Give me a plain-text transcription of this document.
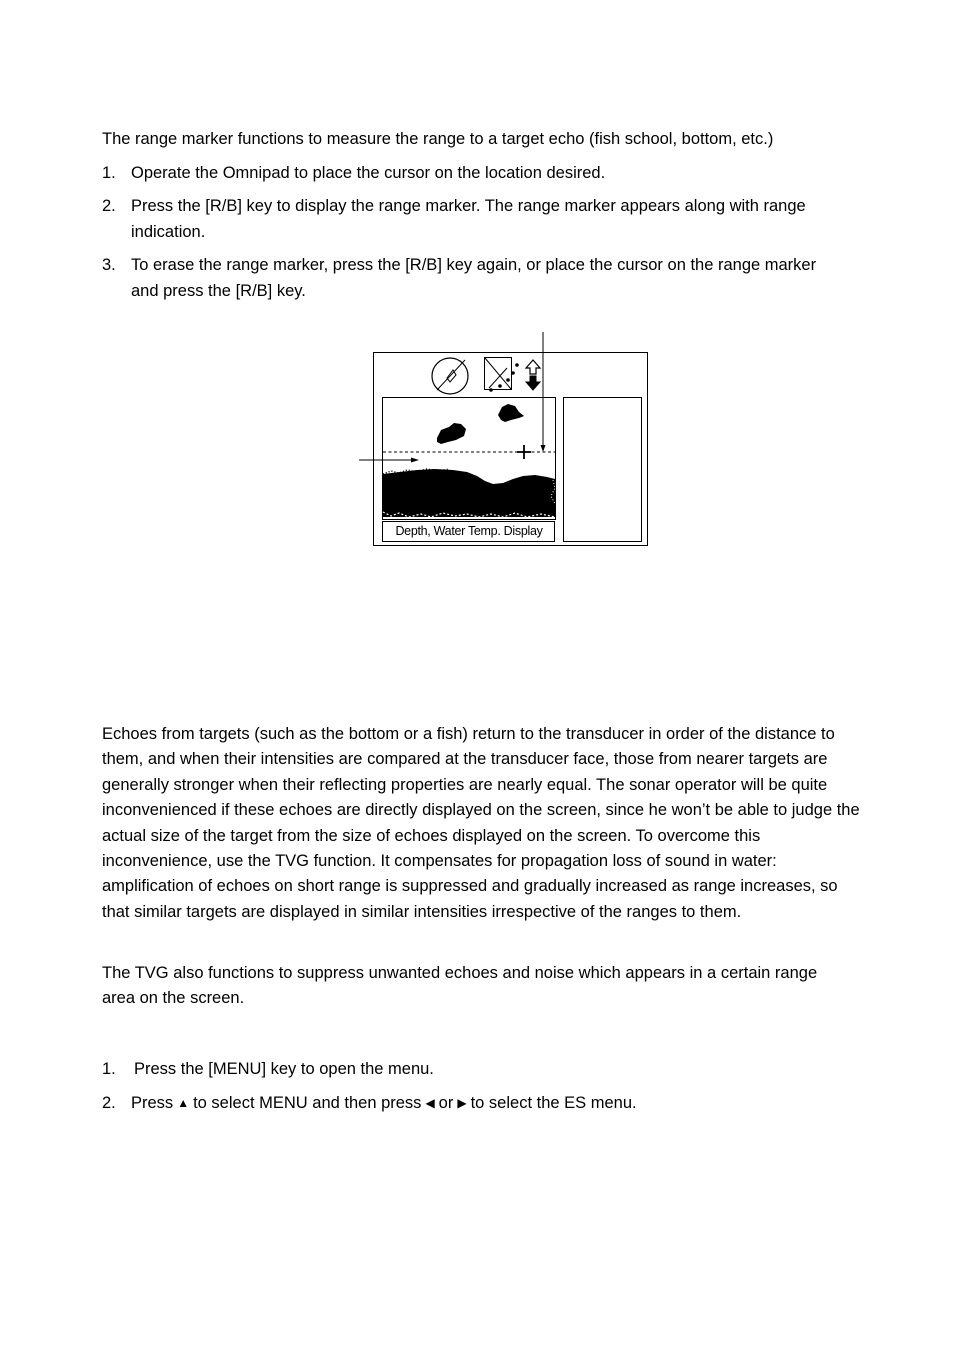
The range marker functions to measure the range to a target echo (fish school, bottom, etc.)

1. Operate the Omnipad to place the cursor on the location desired.
2. Press the [R/B] key to display the range marker. The range marker appears along with range indication.
3. To erase the range marker, press the [R/B] key again, or place the cursor on the range marker and press the [R/B] key.
Depth, Water Temp. Display

Echoes from targets (such as the bottom or a fish) return to the transducer in order of the distance to them, and when their intensities are compared at the transducer face, those from nearer targets are generally stronger when their reflecting properties are nearly equal. The sonar operator will be quite inconvenienced if these echoes are directly displayed on the screen, since he won’t be able to judge the actual size of the target from the size of echoes displayed on the screen. To overcome this inconvenience, use the TVG function. It compensates for propagation loss of sound in water: amplification of echoes on short range is suppressed and gradually increased as range increases, so that similar targets are displayed in similar intensities irrespective of the ranges to them.

The TVG also functions to suppress unwanted echoes and noise which appears in a certain range area on the screen.

1. Press the [MENU] key to open the menu.
2. Press ▲ to select MENU and then press ◀ or ▶ to select the ES menu.
